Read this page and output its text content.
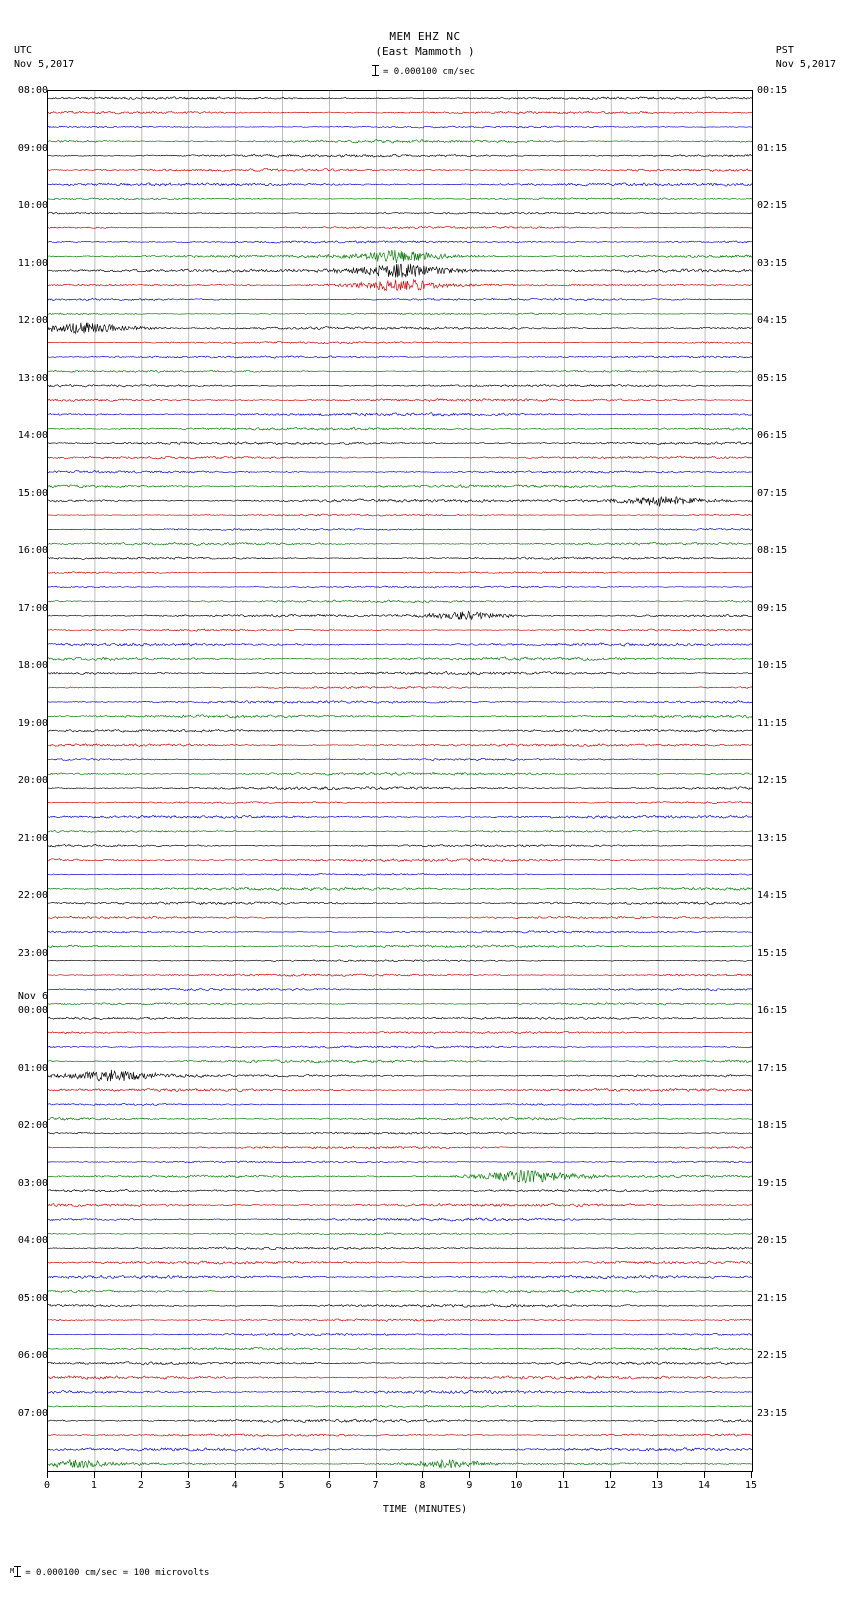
MEM EHZ NC
(East Mammoth )
= 0.000100 cm/sec
UTC
Nov 5,2017
PST
Nov 5,2017
08:00	00:15
09:00	01:15
10:00	02:15
11:00	03:15
12:00	04:15
13:00	05:15
14:00	06:15
15:00	07:15
16:00	08:15
17:00	09:15
18:00	10:15
19:00	11:15
20:00	12:15
21:00	13:15
22:00	14:15
23:00	15:15
00:00	16:15
01:00	17:15
02:00	18:15
03:00	19:15
04:00	20:15
05:00	21:15
06:00	22:15
07:00	23:15
Nov 6
0	1	2	3	4	5	6	7	8	9	10	11	12	13	14	15
TIME (MINUTES)
$^M$ = 0.000100 cm/sec = 100 microvolts
